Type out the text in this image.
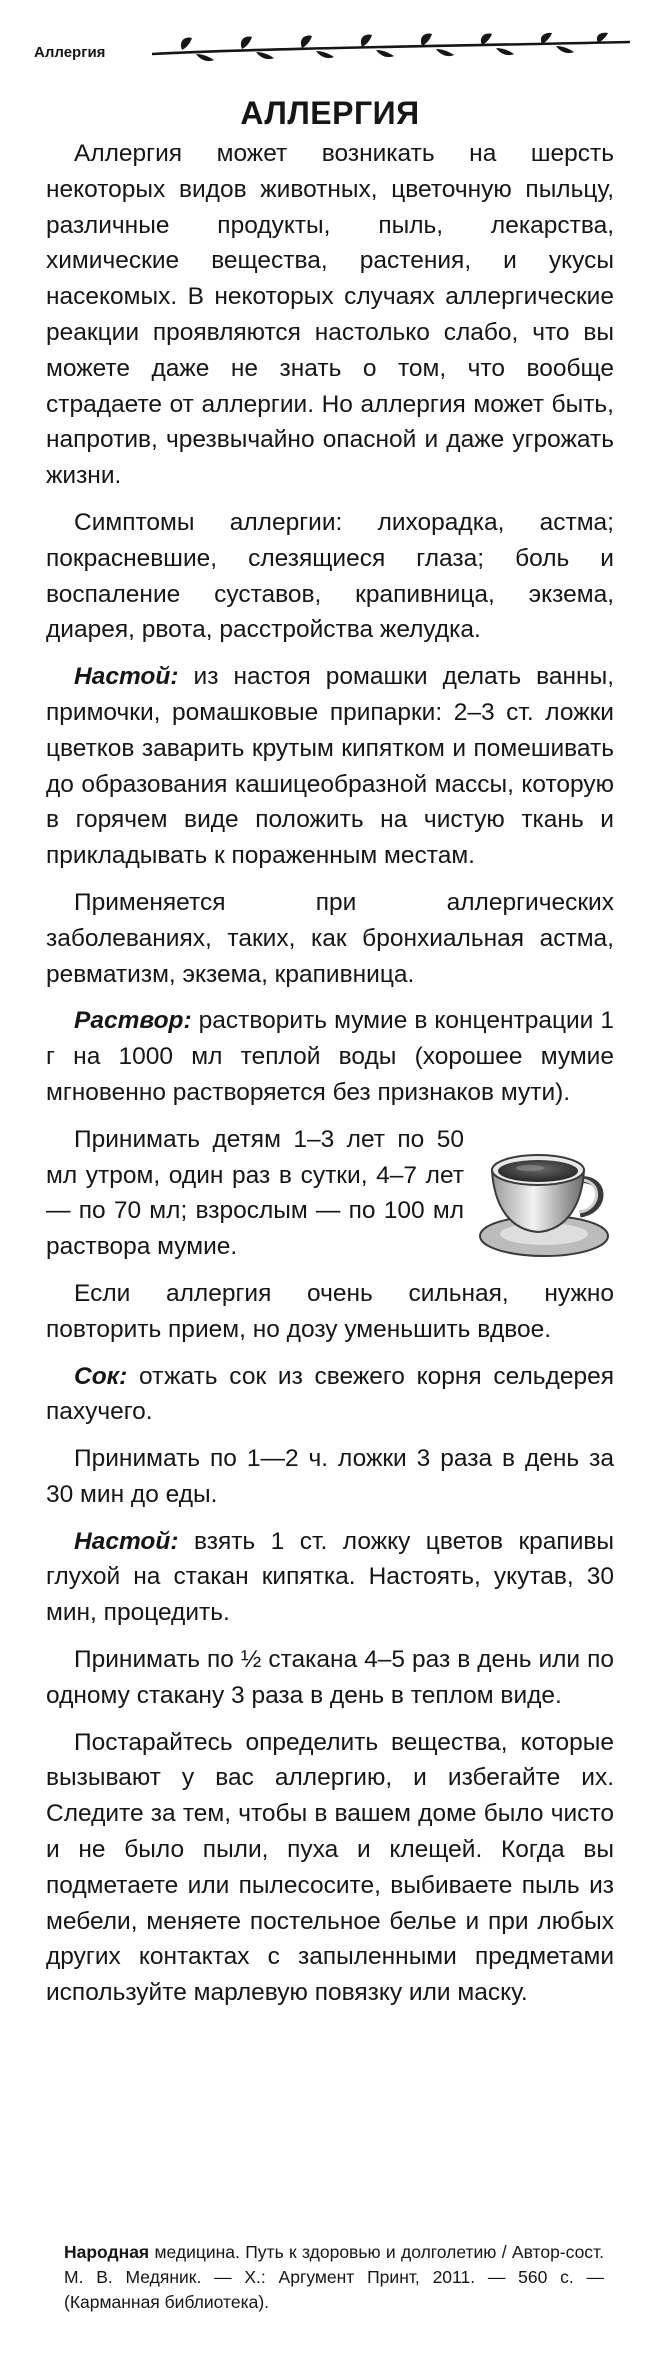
Аллергия
АЛЛЕРГИЯ

Аллергия может возникать на шерсть некоторых видов животных, цветочную пыльцу, различные продукты, пыль, лекарства, химические вещества, растения, и укусы насекомых. В некоторых случаях аллергические реакции проявляются настолько слабо, что вы можете даже не знать о том, что вообще страдаете от аллергии. Но аллергия может быть, напротив, чрезвычайно опасной и даже угрожать жизни.

Симптомы аллергии: лихорадка, астма; покрасневшие, слезящиеся глаза; боль и воспаление суставов, крапивница, экзема, диарея, рвота, расстройства желудка.

Настой: из настоя ромашки делать ванны, примочки, ромашковые припарки: 2–3 ст. ложки цветков заварить крутым кипятком и помешивать до образования кашицеобразной массы, которую в горячем виде положить на чистую ткань и прикладывать к пораженным местам.

Применяется при аллергических заболеваниях, таких, как бронхиальная астма, ревматизм, экзема, крапивница.

Раствор: растворить мумие в концентрации 1 г на 1000 мл теплой воды (хорошее мумие мгновенно растворяется без признаков мути).

Принимать детям 1–3 лет по 50 мл утром, один раз в сутки, 4–7 лет — по 70 мл; взрослым — по 100 мл раствора мумие.

Если аллергия очень сильная, нужно повторить прием, но дозу уменьшить вдвое.

Сок: отжать сок из свежего корня сельдерея пахучего.

Принимать по 1—2 ч. ложки 3 раза в день за 30 мин до еды.

Настой: взять 1 ст. ложку цветов крапивы глухой на стакан кипятка. Настоять, укутав, 30 мин, процедить.

Принимать по ½ стакана 4–5 раз в день или по одному стакану 3 раза в день в теплом виде.

Постарайтесь определить вещества, которые вызывают у вас аллергию, и избегайте их. Следите за тем, чтобы в вашем доме было чисто и не было пыли, пуха и клещей. Когда вы подметаете или пылесосите, выбиваете пыль из мебели, меняете постельное белье и при любых других контактах с запыленными предметами используйте марлевую повязку или маску.

Народная медицина. Путь к здоровью и долголетию / Автор-сост. М. В. Медяник. — Х.: Аргумент Принт, 2011. — 560 с. — (Карманная библиотека).
